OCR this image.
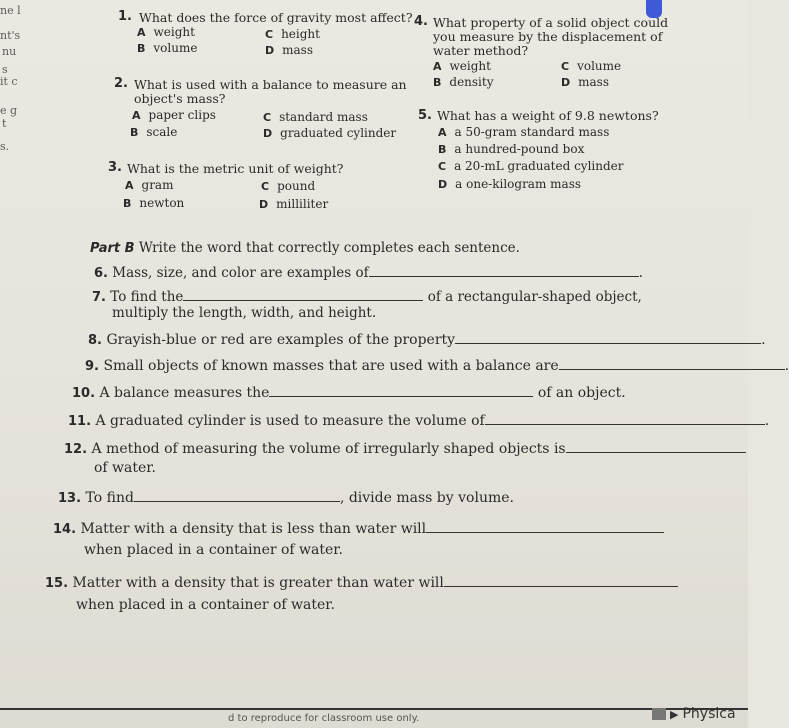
ne l
nt's
nu
s
it c
e g
t
s.
1. What does the force of gravity most affect?
A weight
B volume
C height
D mass
4. What property of a solid object could
you measure by the displacement of
water method?
A weight
B density
C volume
D mass
2. What is used with a balance to measure an
object's mass?
A paper clips
B scale
C standard mass
D graduated cylinder
5. What has a weight of 9.8 newtons?
A a 50-gram standard mass
B a hundred-pound box
C a 20-mL graduated cylinder
D a one-kilogram mass
3. What is the metric unit of weight?
A gram
B newton
C pound
D milliliter
Part B Write the word that correctly completes each sentence.
6. Mass, size, and color are examples of	.
7. To find the	of a rectangular-shaped object,
multiply the length, width, and height.
8. Grayish-blue or red are examples of the property	.
9. Small objects of known masses that are used with a balance are	.
10. A balance measures the	of an object.
11. A graduated cylinder is used to measure the volume of	.
12. A method of measuring the volume of irregularly shaped objects is
of water.
13. To find	, divide mass by volume.
14. Matter with a density that is less than water will
when placed in a container of water.
15. Matter with a density that is greater than water will
when placed in a container of water.
d to reproduce for classroom use only.	▶ Physica
